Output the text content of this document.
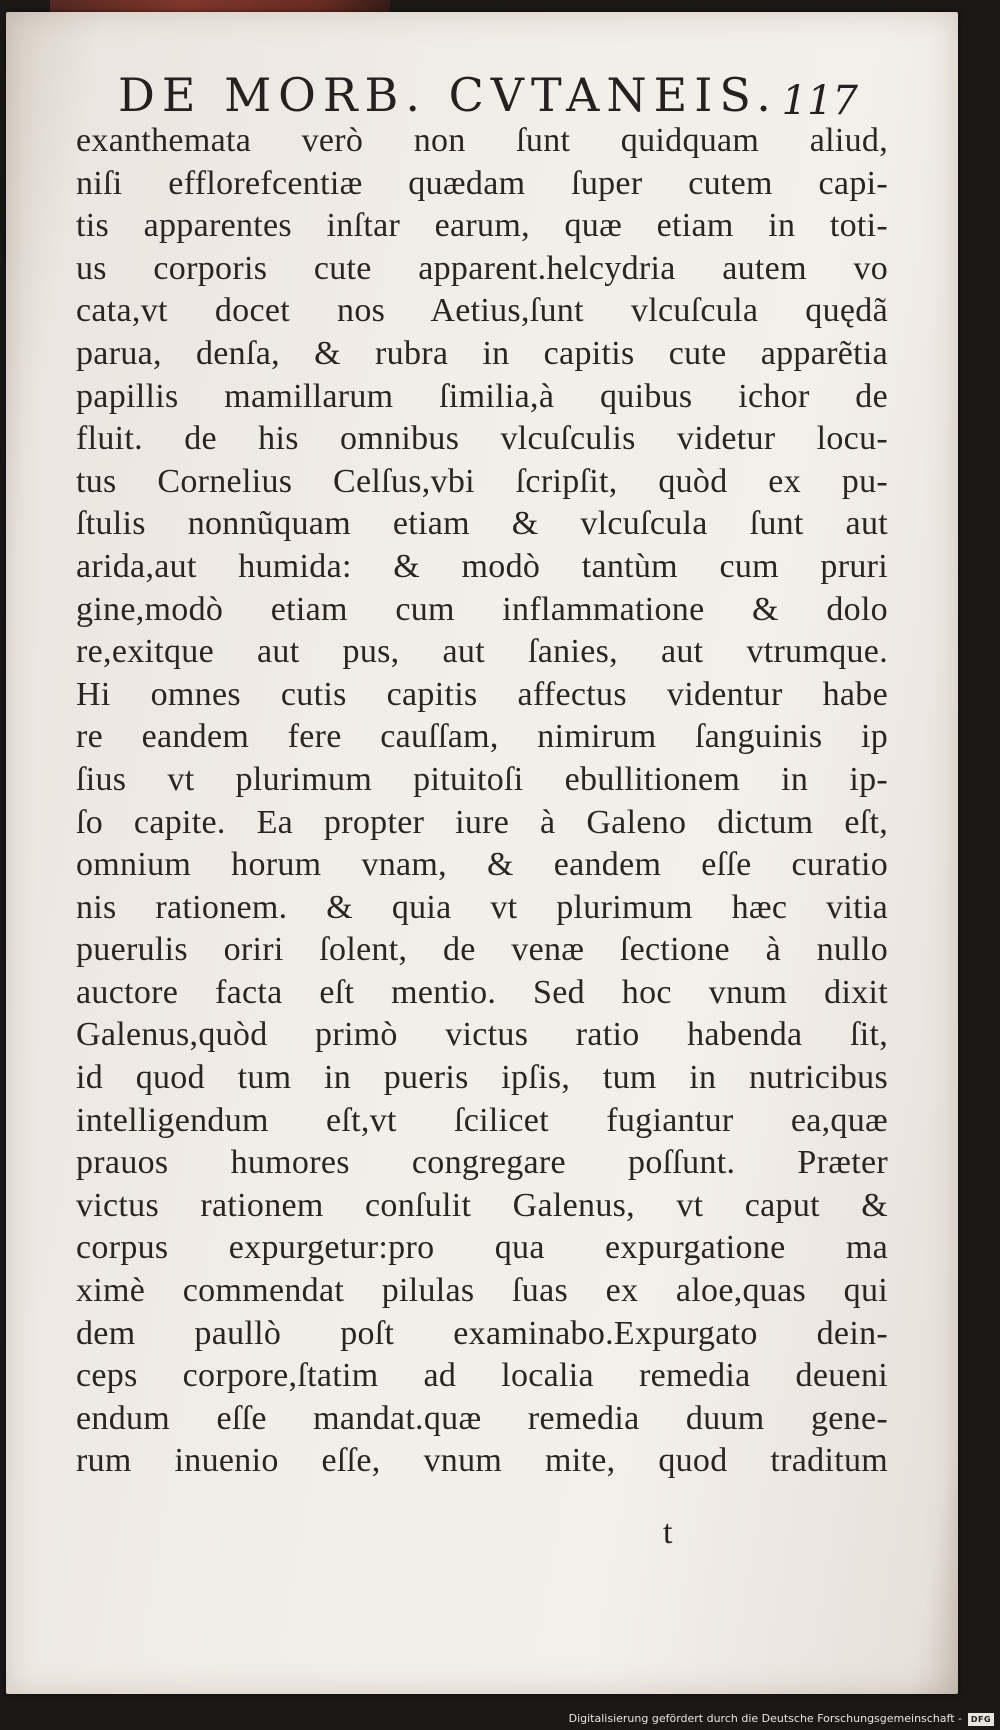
DE MORB. CVTANEIS. 117
exanthemata verò non ſunt quidquam aliud,
niſi efflorefcentiæ quædam ſuper cutem capi-
tis apparentes inſtar earum, quæ etiam in toti-
us corporis cute apparent.helcydria autem vo
cata,vt docet nos Aetius,ſunt vlcuſcula quędã
parua, denſa, & rubra in capitis cute apparẽtia
papillis mamillarum ſimilia,à quibus ichor de
fluit. de his omnibus vlcuſculis videtur locu-
tus Cornelius Celſus,vbi ſcripſit, quòd ex pu-
ſtulis nonnũquam etiam & vlcuſcula ſunt aut
arida,aut humida: & modò tantùm cum pruri
gine,modò etiam cum inflammatione & dolo
re,exitque aut pus, aut ſanies, aut vtrumque.
Hi omnes cutis capitis affectus videntur habe
re eandem fere cauſſam, nimirum ſanguinis ip
ſius vt plurimum pituitoſi ebullitionem in ip-
ſo capite. Ea propter iure à Galeno dictum eſt,
omnium horum vnam, & eandem eſſe curatio
nis rationem. & quia vt plurimum hæc vitia
puerulis oriri ſolent, de venæ ſectione à nullo
auctore facta eſt mentio. Sed hoc vnum dixit
Galenus,quòd primò victus ratio habenda ſit,
id quod tum in pueris ipſis, tum in nutricibus
intelligendum eſt,vt ſcilicet fugiantur ea,quæ
prauos humores congregare poſſunt. Præter
victus rationem conſulit Galenus, vt caput &
corpus expurgetur:pro qua expurgatione ma
ximè commendat pilulas ſuas ex aloe,quas qui
dem paullò poſt examinabo.Expurgato dein-
ceps corpore,ſtatim ad localia remedia deueni
endum eſſe mandat.quæ remedia duum gene-
rum inuenio eſſe, vnum mite, quod traditum
t
Digitalisierung gefördert durch die Deutsche Forschungsgemeinschaft -	DFG
